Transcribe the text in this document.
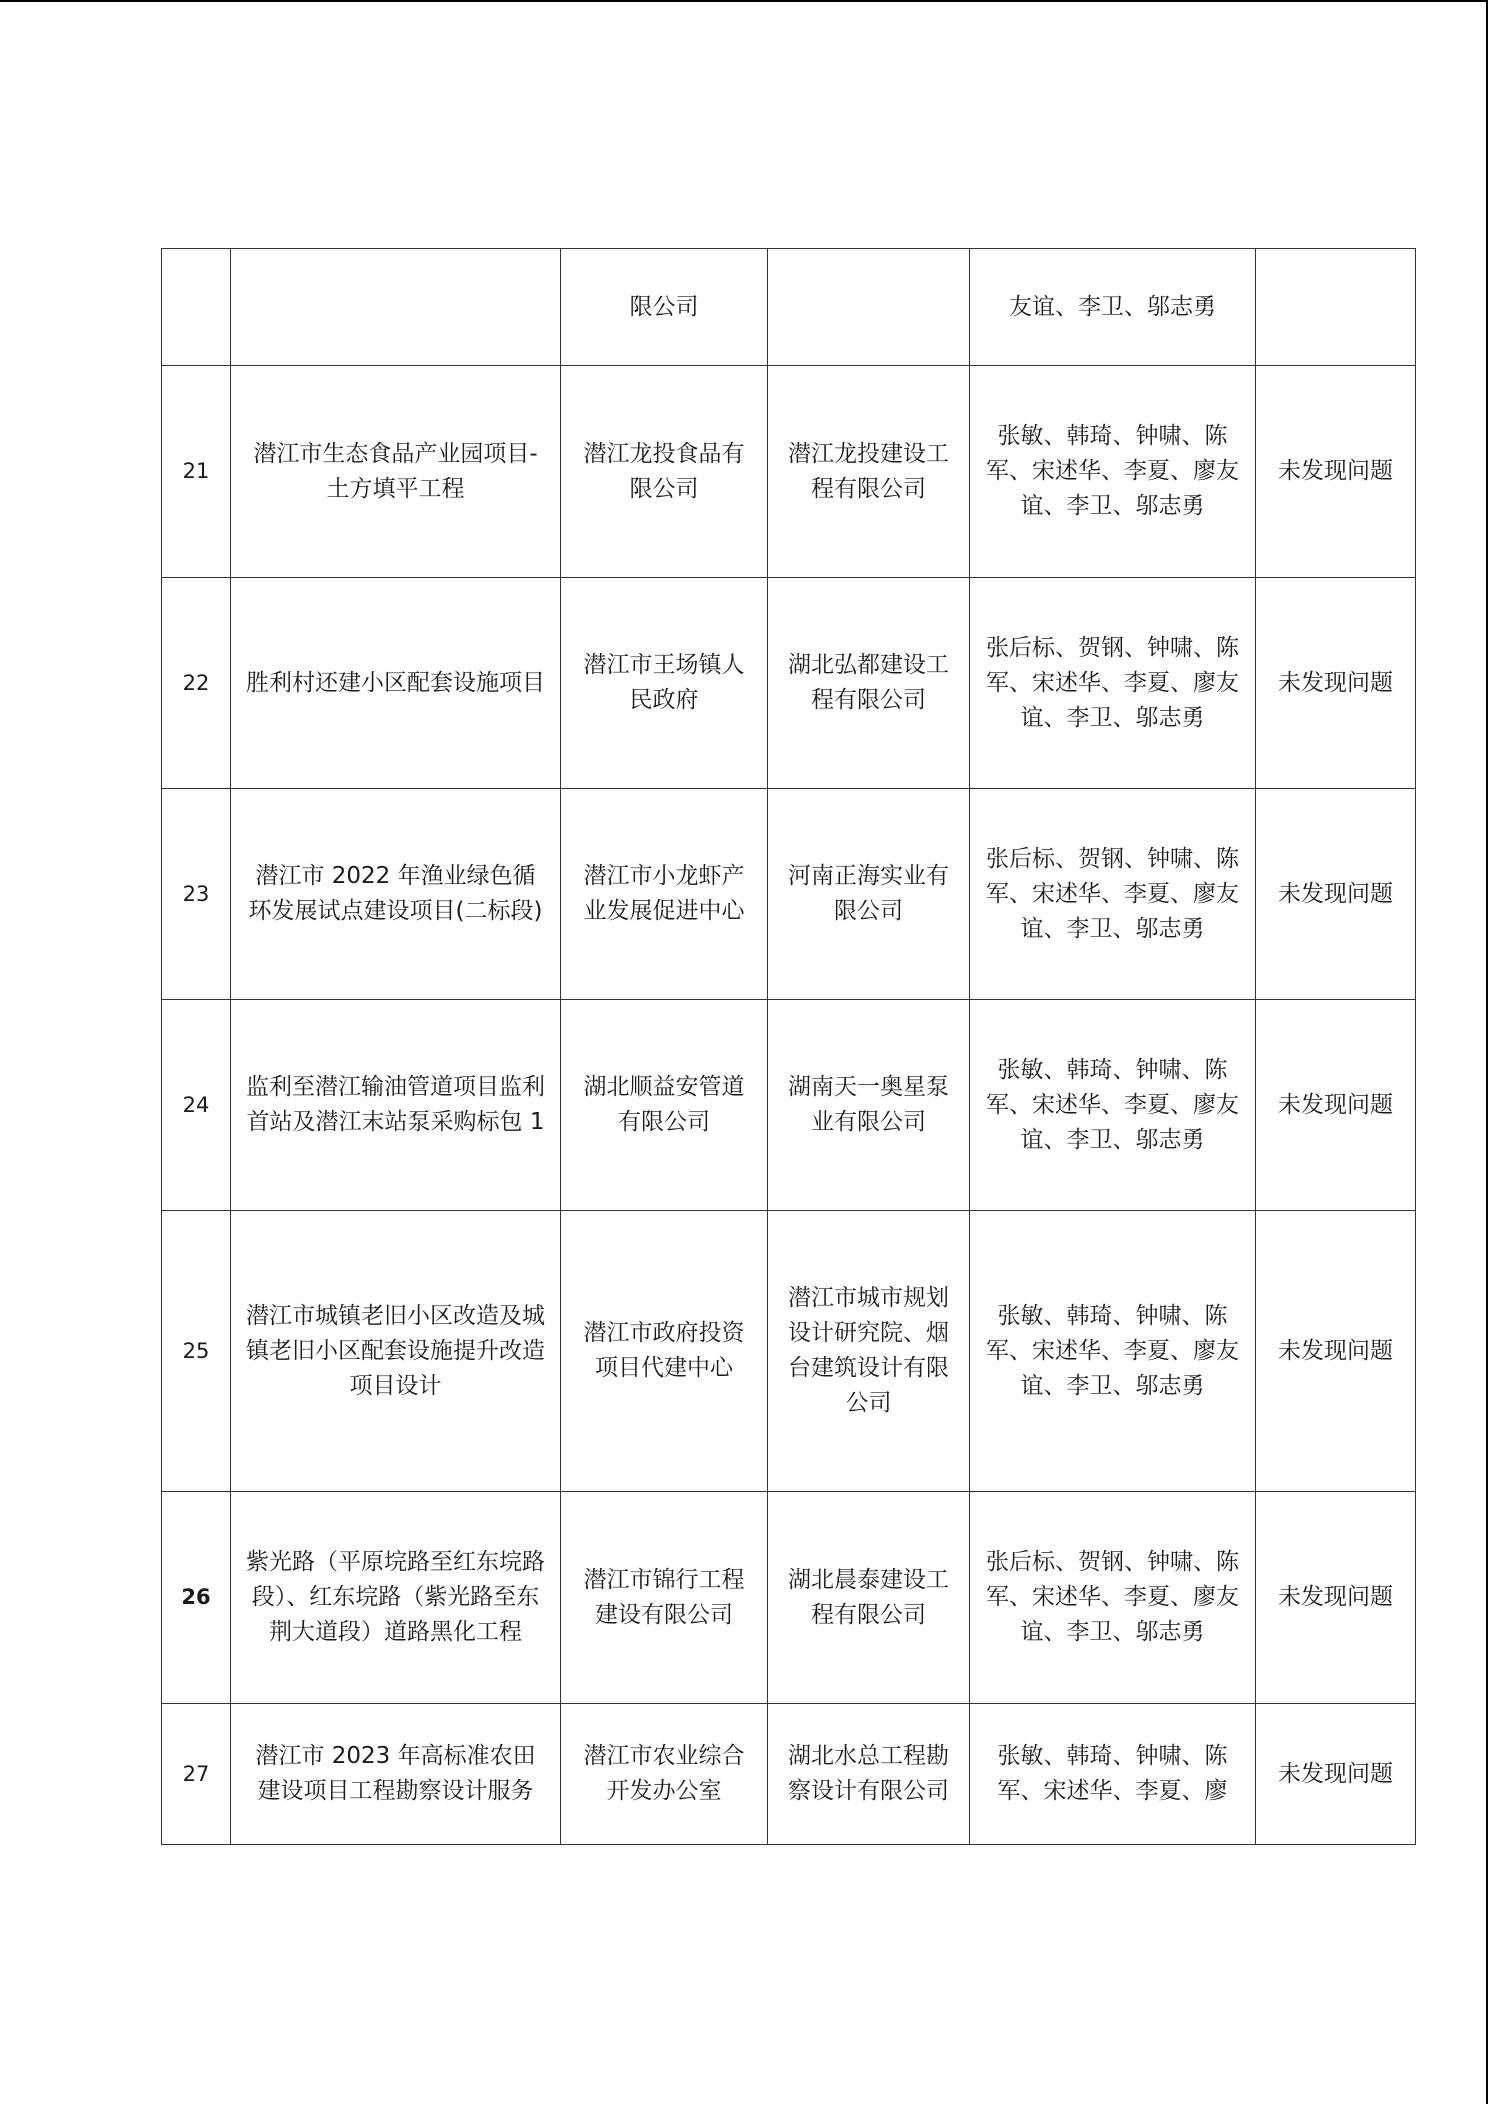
		限公司		友谊、李卫、邬志勇	
21	潜江市生态食品产业园项目-土方填平工程	潜江龙投食品有限公司	潜江龙投建设工程有限公司	张敏、韩琦、钟啸、陈军、宋述华、李夏、廖友谊、李卫、邬志勇	未发现问题
22	胜利村还建小区配套设施项目	潜江市王场镇人民政府	湖北弘都建设工程有限公司	张后标、贺钢、钟啸、陈军、宋述华、李夏、廖友谊、李卫、邬志勇	未发现问题
23	潜江市 2022 年渔业绿色循环发展试点建设项目(二标段)	潜江市小龙虾产业发展促进中心	河南正海实业有限公司	张后标、贺钢、钟啸、陈军、宋述华、李夏、廖友谊、李卫、邬志勇	未发现问题
24	监利至潜江输油管道项目监利首站及潜江末站泵采购标包 1	湖北顺益安管道有限公司	湖南天一奥星泵业有限公司	张敏、韩琦、钟啸、陈军、宋述华、李夏、廖友谊、李卫、邬志勇	未发现问题
25	潜江市城镇老旧小区改造及城镇老旧小区配套设施提升改造项目设计	潜江市政府投资项目代建中心	潜江市城市规划设计研究院、烟台建筑设计有限公司	张敏、韩琦、钟啸、陈军、宋述华、李夏、廖友谊、李卫、邬志勇	未发现问题
26	紫光路（平原垸路至红东垸路段）、红东垸路（紫光路至东荆大道段）道路黑化工程	潜江市锦行工程建设有限公司	湖北晨泰建设工程有限公司	张后标、贺钢、钟啸、陈军、宋述华、李夏、廖友谊、李卫、邬志勇	未发现问题
27	潜江市 2023 年高标准农田建设项目工程勘察设计服务	潜江市农业综合开发办公室	湖北水总工程勘察设计有限公司	张敏、韩琦、钟啸、陈军、宋述华、李夏、廖	未发现问题
